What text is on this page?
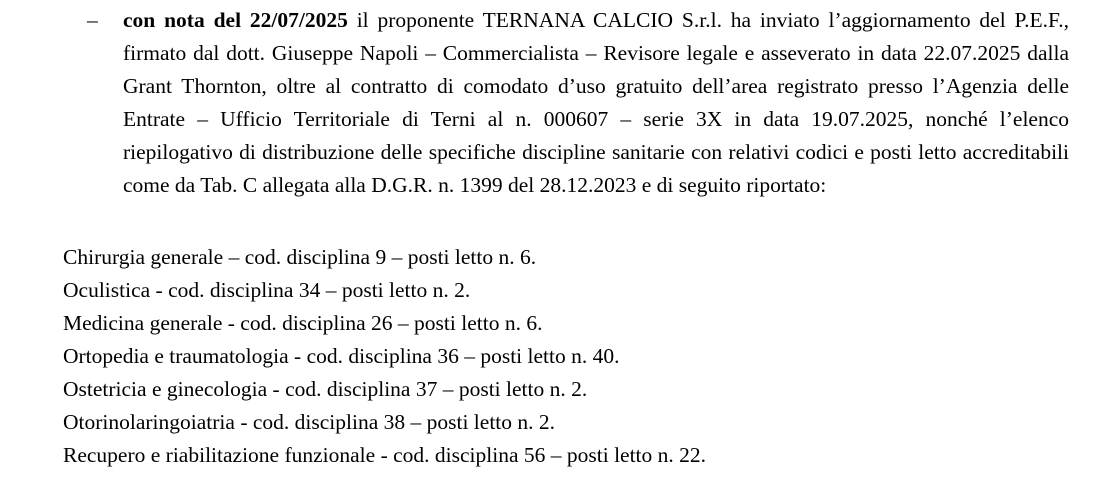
– con nota del 22/07/2025 il proponente TERNANA CALCIO S.r.l. ha inviato l’aggiornamento del P.E.F., firmato dal dott. Giuseppe Napoli – Commercialista – Revisore legale e asseverato in data 22.07.2025 dalla Grant Thornton, oltre al contratto di comodato d’uso gratuito dell’area registrato presso l’Agenzia delle Entrate – Ufficio Territoriale di Terni al n. 000607 – serie 3X in data 19.07.2025, nonché l’elenco riepilogativo di distribuzione delle specifiche discipline sanitarie con relativi codici e posti letto accreditabili come da Tab. C allegata alla D.G.R. n. 1399 del 28.12.2023 e di seguito riportato:

Chirurgia generale – cod. disciplina 9 – posti letto n. 6.
Oculistica - cod. disciplina 34 – posti letto n. 2.
Medicina generale - cod. disciplina 26 – posti letto n. 6.
Ortopedia e traumatologia - cod. disciplina 36 – posti letto n. 40.
Ostetricia e ginecologia - cod. disciplina 37 – posti letto n. 2.
Otorinolaringoiatria - cod. disciplina 38 – posti letto n. 2.
Recupero e riabilitazione funzionale - cod. disciplina 56 – posti letto n. 22.
